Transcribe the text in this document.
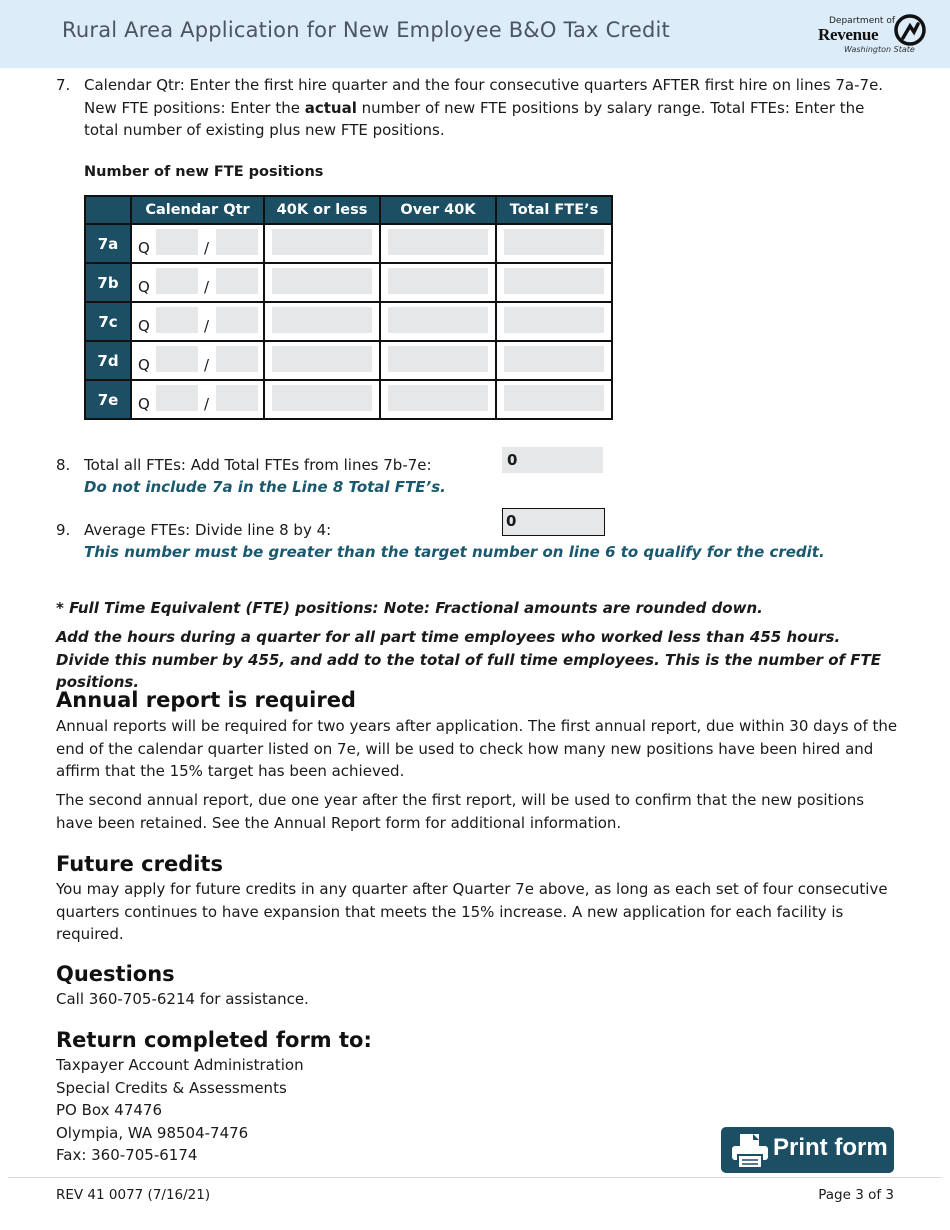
Rural Area Application for New Employee B&O Tax Credit	Department of
Revenue
Washington State
7. Calendar Qtr: Enter the first hire quarter and the four consecutive quarters AFTER first hire on lines 7a-7e. New FTE positions: Enter the actual number of new FTE positions by salary range. Total FTEs: Enter the total number of existing plus new FTE positions.
Number of new FTE positions
	Calendar Qtr	40K or less	Over 40K	Total FTE’s
7a	Q /			

7b	Q /			

7c	Q /			

7d	Q /			

7e	Q /			

8. Total all FTEs: Add Total FTEs from lines 7b-7e:
Do not include 7a in the Line 8 Total FTE’s.
0
9. Average FTEs: Divide line 8 by 4:
This number must be greater than the target number on line 6 to qualify for the credit.
0
* Full Time Equivalent (FTE) positions: Note: Fractional amounts are rounded down.
Add the hours during a quarter for all part time employees who worked less than 455 hours. Divide this number by 455, and add to the total of full time employees. This is the number of FTE positions.
Annual report is required
Annual reports will be required for two years after application. The first annual report, due within 30 days of the end of the calendar quarter listed on 7e, will be used to check how many new positions have been hired and affirm that the 15% target has been achieved.
The second annual report, due one year after the first report, will be used to confirm that the new positions have been retained. See the Annual Report form for additional information.
Future credits
You may apply for future credits in any quarter after Quarter 7e above, as long as each set of four consecutive quarters continues to have expansion that meets the 15% increase. A new application for each facility is required.
Questions
Call 360-705-6214 for assistance.
Return completed form to:
Taxpayer Account Administration
Special Credits & Assessments
PO Box 47476
Olympia, WA 98504-7476
Fax: 360-705-6174	Print form
REV 41 0077 (7/16/21)	Page 3 of 3
